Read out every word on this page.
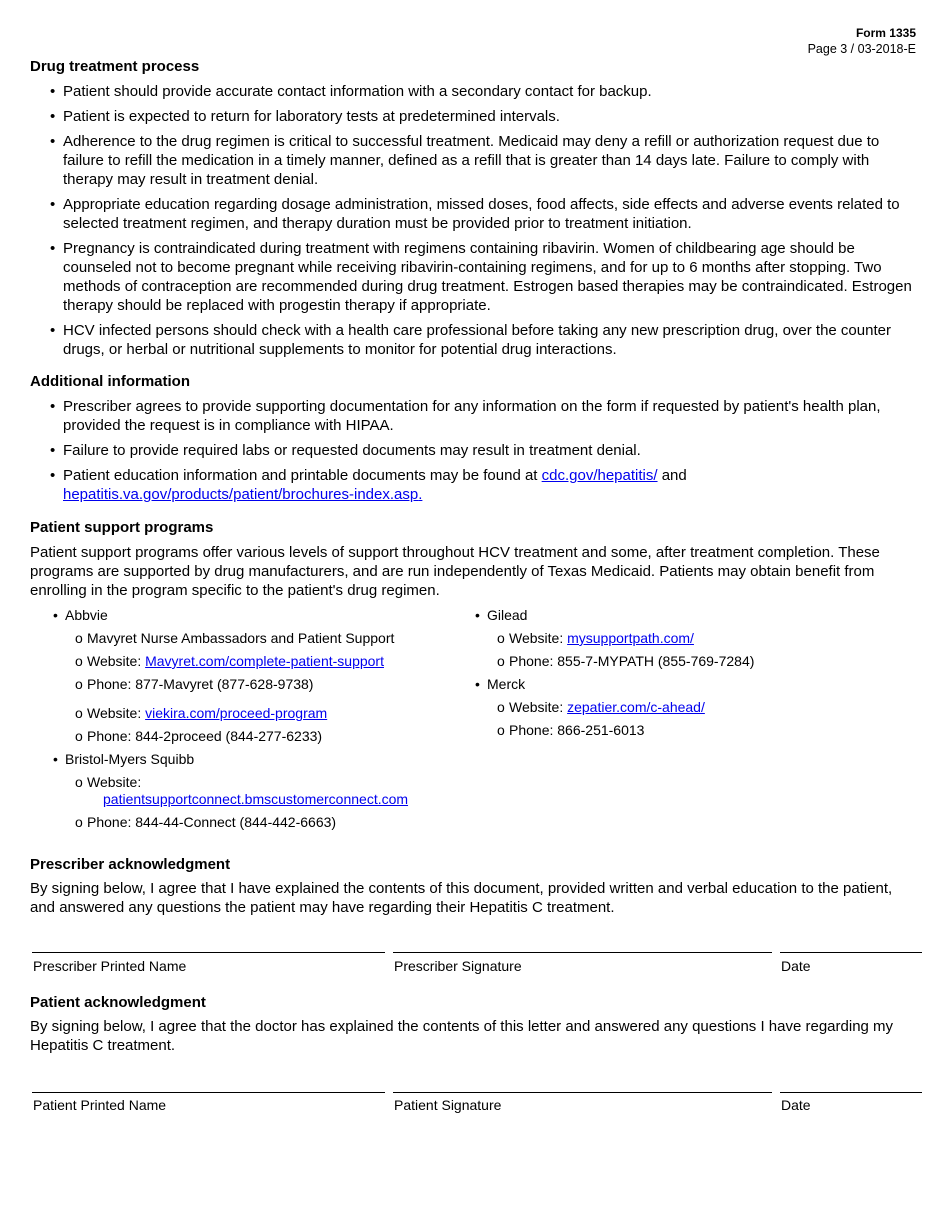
Form 1335
Page 3 / 03-2018-E
Drug treatment process
• Patient should provide accurate contact information with a secondary contact for backup.
• Patient is expected to return for laboratory tests at predetermined intervals.
• Adherence to the drug regimen is critical to successful treatment. Medicaid may deny a refill or authorization request due to failure to refill the medication in a timely manner, defined as a refill that is greater than 14 days late. Failure to comply with therapy may result in treatment denial.
• Appropriate education regarding dosage administration, missed doses, food affects, side effects and adverse events related to selected treatment regimen, and therapy duration must be provided prior to treatment initiation.
• Pregnancy is contraindicated during treatment with regimens containing ribavirin. Women of childbearing age should be counseled not to become pregnant while receiving ribavirin-containing regimens, and for up to 6 months after stopping. Two methods of contraception are recommended during drug treatment. Estrogen based therapies may be contraindicated. Estrogen therapy should be replaced with progestin therapy if appropriate.
• HCV infected persons should check with a health care professional before taking any new prescription drug, over the counter drugs, or herbal or nutritional supplements to monitor for potential drug interactions.
Additional information
• Prescriber agrees to provide supporting documentation for any information on the form if requested by patient's health plan, provided the request is in compliance with HIPAA.
• Failure to provide required labs or requested documents may result in treatment denial.
• Patient education information and printable documents may be found at cdc.gov/hepatitis/ and hepatitis.va.gov/products/patient/brochures-index.asp.
Patient support programs

Patient support programs offer various levels of support throughout HCV treatment and some, after treatment completion. These programs are supported by drug manufacturers, and are run independently of Texas Medicaid. Patients may obtain benefit from enrolling in the program specific to the patient's drug regimen.

• Abbvie
o Mavyret Nurse Ambassadors and Patient Support
o Website: Mavyret.com/complete-patient-support
o Phone: 877-Mavyret (877-628-9738)
o Website: viekira.com/proceed-program
o Phone: 844-2proceed (844-277-6233)
• Bristol-Myers Squibb
o Website:
patientsupportconnect.bmscustomerconnect.com
o Phone: 844-44-Connect (844-442-6663)
• Gilead
o Website: mysupportpath.com/
o Phone: 855-7-MYPATH (855-769-7284)
• Merck
o Website: zepatier.com/c-ahead/
o Phone: 866-251-6013
Prescriber acknowledgment

By signing below, I agree that I have explained the contents of this document, provided written and verbal education to the patient, and answered any questions the patient may have regarding their Hepatitis C treatment.

Prescriber Printed Name	Prescriber Signature	Date
Patient acknowledgment

By signing below, I agree that the doctor has explained the contents of this letter and answered any questions I have regarding my Hepatitis C treatment.

Patient Printed Name	Patient Signature	Date
